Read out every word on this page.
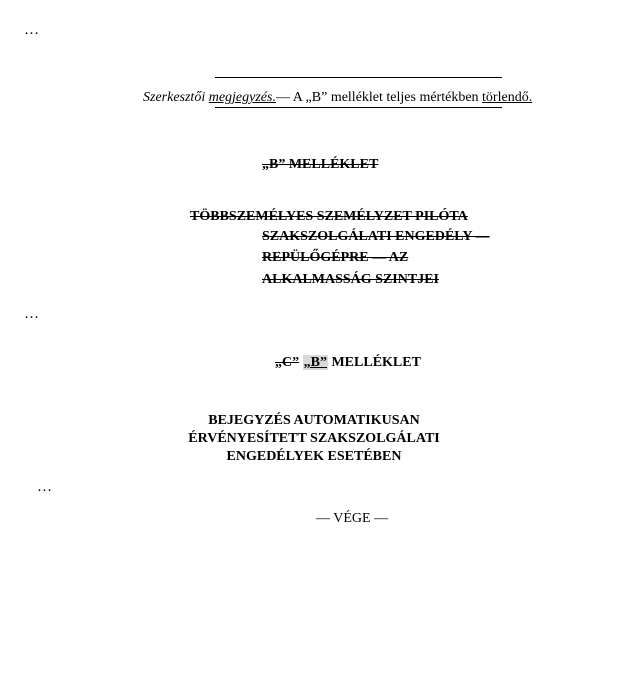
…
Szerkesztői megjegyzés.— A „B” melléklet teljes mértékben törlendő.
„B” MELLÉKLET
TÖBBSZEMÉLYES SZEMÉLYZET PILÓTA
SZAKSZOLGÁLATI ENGEDÉLY —
REPÜLŐGÉPRE — AZ
ALKALMASSÁG SZINTJEI
…
„C” „B” MELLÉKLET
BEJEGYZÉS AUTOMATIKUSAN
ÉRVÉNYESÍTETT SZAKSZOLGÁLATI
ENGEDÉLYEK ESETÉBEN
…
— VÉGE —
